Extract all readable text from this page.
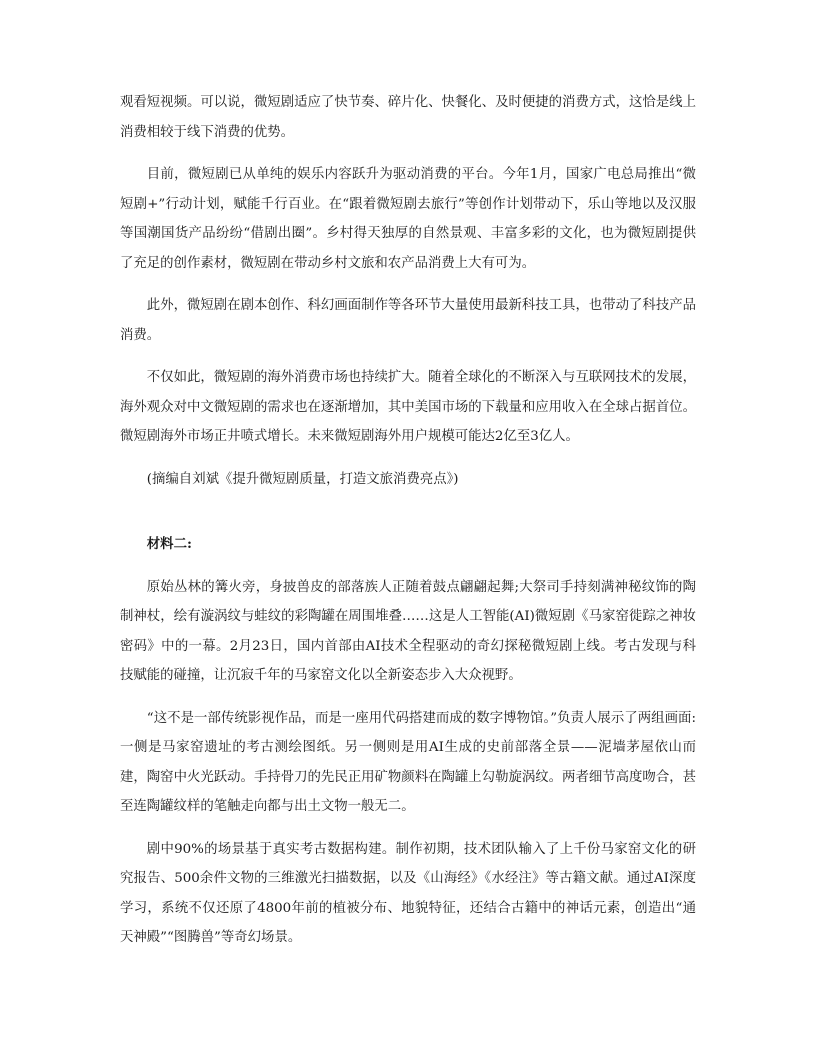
观看短视频。可以说，微短剧适应了快节奏、碎片化、快餐化、及时便捷的消费方式，这恰是线上消费相较于线下消费的优势。

目前，微短剧已从单纯的娱乐内容跃升为驱动消费的平台。今年1月，国家广电总局推出“微短剧+”行动计划，赋能千行百业。在“跟着微短剧去旅行”等创作计划带动下，乐山等地以及汉服等国潮国货产品纷纷“借剧出圈”。乡村得天独厚的自然景观、丰富多彩的文化，也为微短剧提供了充足的创作素材，微短剧在带动乡村文旅和农产品消费上大有可为。

此外，微短剧在剧本创作、科幻画面制作等各环节大量使用最新科技工具，也带动了科技产品消费。

不仅如此，微短剧的海外消费市场也持续扩大。随着全球化的不断深入与互联网技术的发展，海外观众对中文微短剧的需求也在逐渐增加，其中美国市场的下载量和应用收入在全球占据首位。微短剧海外市场正井喷式增长。未来微短剧海外用户规模可能达2亿至3亿人。

(摘编自刘斌《提升微短剧质量，打造文旅消费亮点》)

材料二:

原始丛林的篝火旁，身披兽皮的部落族人正随着鼓点翩翩起舞;大祭司手持刻满神秘纹饰的陶制神杖，绘有漩涡纹与蛙纹的彩陶罐在周围堆叠……这是人工智能(AI)微短剧《马家窑徙踪之神妆密码》中的一幕。2月23日，国内首部由AI技术全程驱动的奇幻探秘微短剧上线。考古发现与科技赋能的碰撞，让沉寂千年的马家窑文化以全新姿态步入大众视野。

“这不是一部传统影视作品，而是一座用代码搭建而成的数字博物馆。”负责人展示了两组画面:一侧是马家窑遗址的考古测绘图纸。另一侧则是用AI生成的史前部落全景——泥墙茅屋依山而建，陶窑中火光跃动。手持骨刀的先民正用矿物颜料在陶罐上勾勒旋涡纹。两者细节高度吻合，甚至连陶罐纹样的笔触走向都与出土文物一般无二。

剧中90%的场景基于真实考古数据构建。制作初期，技术团队输入了上千份马家窑文化的研究报告、500余件文物的三维激光扫描数据，以及《山海经》《水经注》等古籍文献。通过AI深度学习，系统不仅还原了4800年前的植被分布、地貌特征，还结合古籍中的神话元素，创造出“通天神殿”“图腾兽”等奇幻场景。
